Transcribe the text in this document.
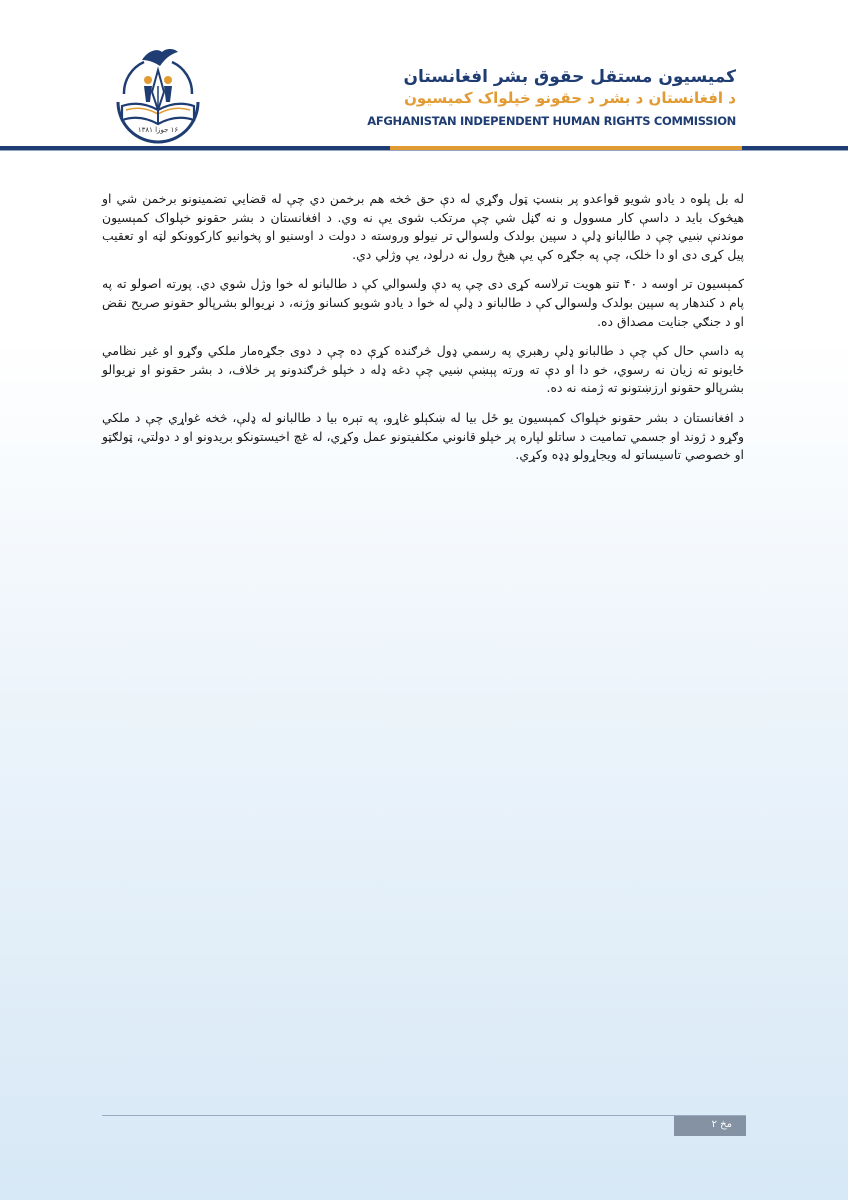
۱۶ جوزا ۱۳۸۱
کمیسیون مستقل حقوق بشر افغانستان
د افغانستان د بشر د حقونو خپلواک کمیسیون
AFGHANISTAN INDEPENDENT HUMAN RIGHTS COMMISSION

له بل پلوه د یادو شویو قواعدو پر بنسټ ټول وګړي له دې حق څخه هم برخمن دي چې له قضايي تضمينونو برخمن شي او هیڅوک باید د داسې کار مسوول و نه ګڼل شي چې مرتکب شوی يې نه وي. د افغانستان د بشر حقونو خپلواک کمېسیون موندنې ښيي چې د طالبانو ډلې د سپین بولدک ولسوالۍ تر نیولو وروسته د دولت د اوسنيو او پخوانیو کارکوونکو لټه او تعقیب پيل کړی دی او دا خلک، چې په جګړه کې يې هيڅ رول نه درلود، يې وژلي دي.

کمېسیون تر اوسه د ۴۰ تنو هویت ترلاسه کړی دی چې په دې ولسوالي کې د طالبانو له خوا وژل شوي دي. پورته اصولو ته په پام د کندهار په سپین بولدک ولسوالۍ کې د طالبانو د ډلې له خوا د یادو شویو کسانو وژنه، د نړیوالو بشرپالو حقونو صریح نقض او د جنګي جنایت مصداق ده.

په داسې حال کې چې د طالبانو ډلې رهبري په رسمي ډول څرګنده کړې ده چې د دوی جګړه‌مار ملکي وګړو او غیر نظامي ځايونو ته زيان نه رسوي، خو دا او دې ته ورته پېښې ښيي چې دغه ډله د خپلو څرګندونو پر خلاف، د بشر حقونو او نړیوالو بشرپالو حقونو ارزښتونو ته ژمنه نه ده.

د افغانستان د بشر حقونو خپلواک کمېسیون یو ځل بیا له ښکېلو غاړو، په تېره بیا د طالبانو له ډلې، څخه غواړي چې د ملکي وګړو د ژوند او جسمي تمامیت د ساتلو لپاره پر خپلو قانوني مکلفیتونو عمل وکړي، له غچ اخیستونکو بریدونو او د دولتي، ټولګټو او خصوصي تاسیساتو له ویجاړولو ډډه وکړي.

مخ ۲
